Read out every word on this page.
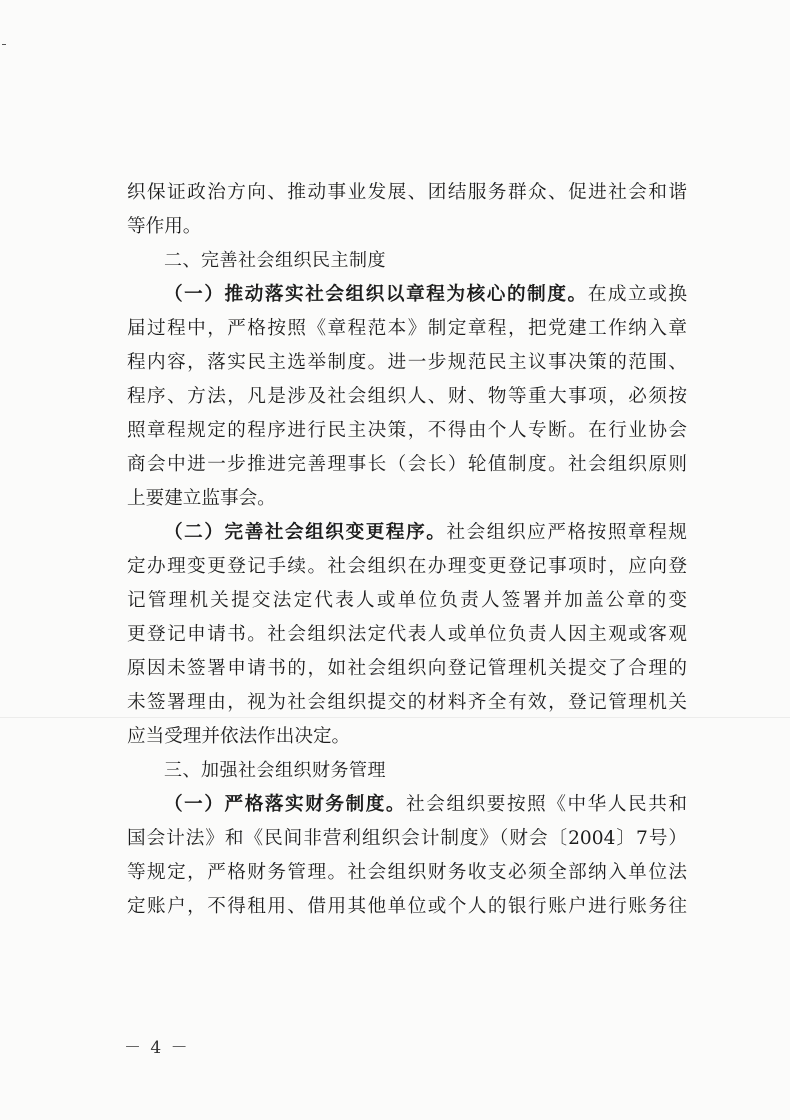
织保证政治方向、推动事业发展、团结服务群众、促进社会和谐
等作用。
二、完善社会组织民主制度
（一）推动落实社会组织以章程为核心的制度。在成立或换
届过程中，严格按照《章程范本》制定章程，把党建工作纳入章
程内容，落实民主选举制度。进一步规范民主议事决策的范围、
程序、方法，凡是涉及社会组织人、财、物等重大事项，必须按
照章程规定的程序进行民主决策，不得由个人专断。在行业协会
商会中进一步推进完善理事长（会长）轮值制度。社会组织原则
上要建立监事会。
（二）完善社会组织变更程序。社会组织应严格按照章程规
定办理变更登记手续。社会组织在办理变更登记事项时，应向登
记管理机关提交法定代表人或单位负责人签署并加盖公章的变
更登记申请书。社会组织法定代表人或单位负责人因主观或客观
原因未签署申请书的，如社会组织向登记管理机关提交了合理的
未签署理由，视为社会组织提交的材料齐全有效，登记管理机关
应当受理并依法作出决定。
三、加强社会组织财务管理
（一）严格落实财务制度。社会组织要按照《中华人民共和
国会计法》和《民间非营利组织会计制度》（财会〔2004〕7号）
等规定，严格财务管理。社会组织财务收支必须全部纳入单位法
定账户，不得租用、借用其他单位或个人的银行账户进行账务往
－ 4 －
